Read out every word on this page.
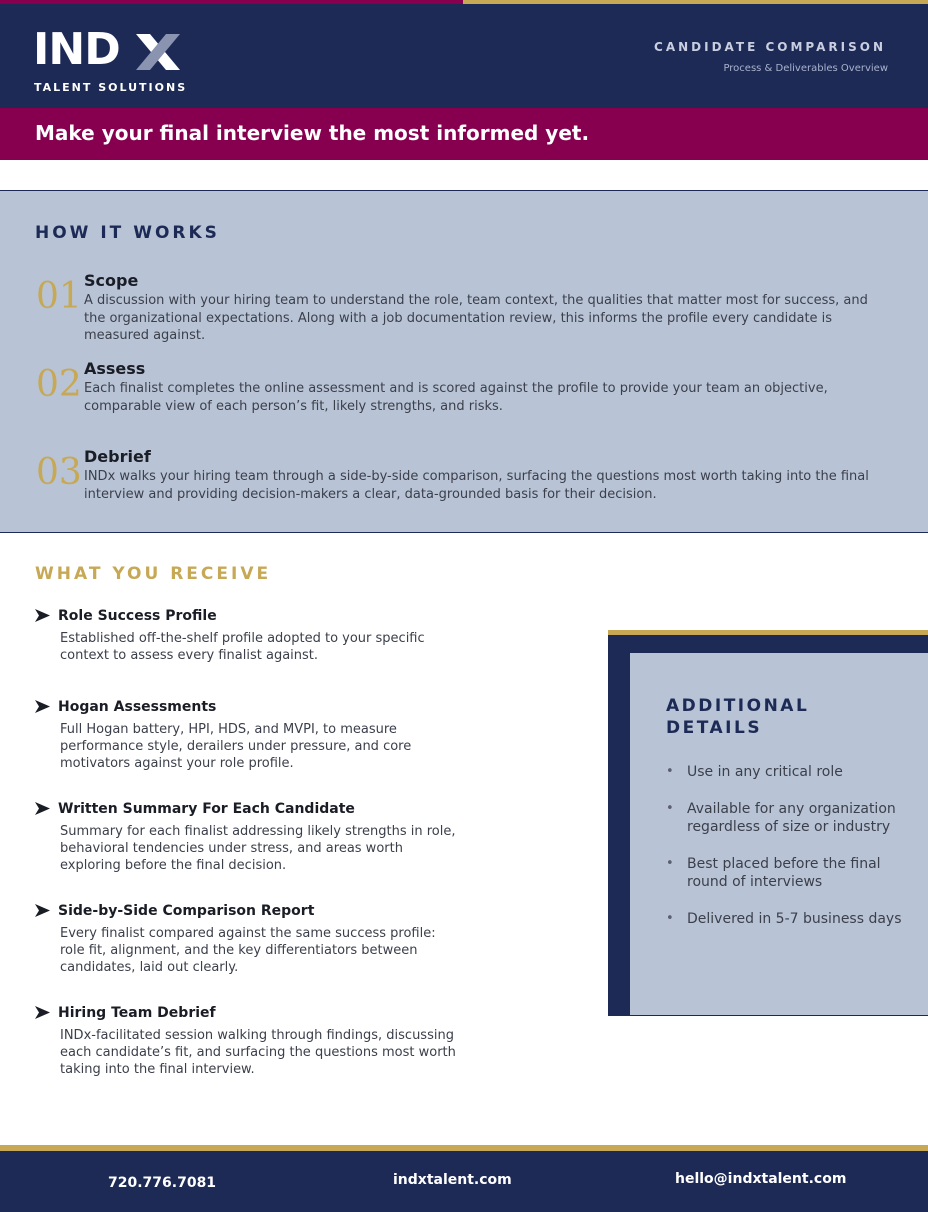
IND
TALENT SOLUTIONS
CANDIDATE COMPARISON
Process & Deliverables Overview
Make your final interview the most informed yet.
HOW IT WORKS
01 Scope
A discussion with your hiring team to understand the role, team context, the qualities that matter most for success, and the organizational expectations. Along with a job documentation review, this informs the profile every candidate is measured against.
02 Assess
Each finalist completes the online assessment and is scored against the profile to provide your team an objective, comparable view of each person’s fit, likely strengths, and risks.
03 Debrief
INDx walks your hiring team through a side-by-side comparison, surfacing the questions most worth taking into the final interview and providing decision-makers a clear, data-grounded basis for their decision.
WHAT YOU RECEIVE
Role Success Profile
Established off-the-shelf profile adopted to your specific context to assess every finalist against.
Hogan Assessments
Full Hogan battery, HPI, HDS, and MVPI, to measure performance style, derailers under pressure, and core motivators against your role profile.
Written Summary For Each Candidate
Summary for each finalist addressing likely strengths in role, behavioral tendencies under stress, and areas worth exploring before the final decision.
Side-by-Side Comparison Report
Every finalist compared against the same success profile: role fit, alignment, and the key differentiators between candidates, laid out clearly.
Hiring Team Debrief
INDx-facilitated session walking through findings, discussing each candidate’s fit, and surfacing the questions most worth taking into the final interview.
ADDITIONAL DETAILS
• Use in any critical role
• Available for any organization regardless of size or industry
• Best placed before the final round of interviews
• Delivered in 5-7 business days
720.776.7081	indxtalent.com	hello@indxtalent.com
